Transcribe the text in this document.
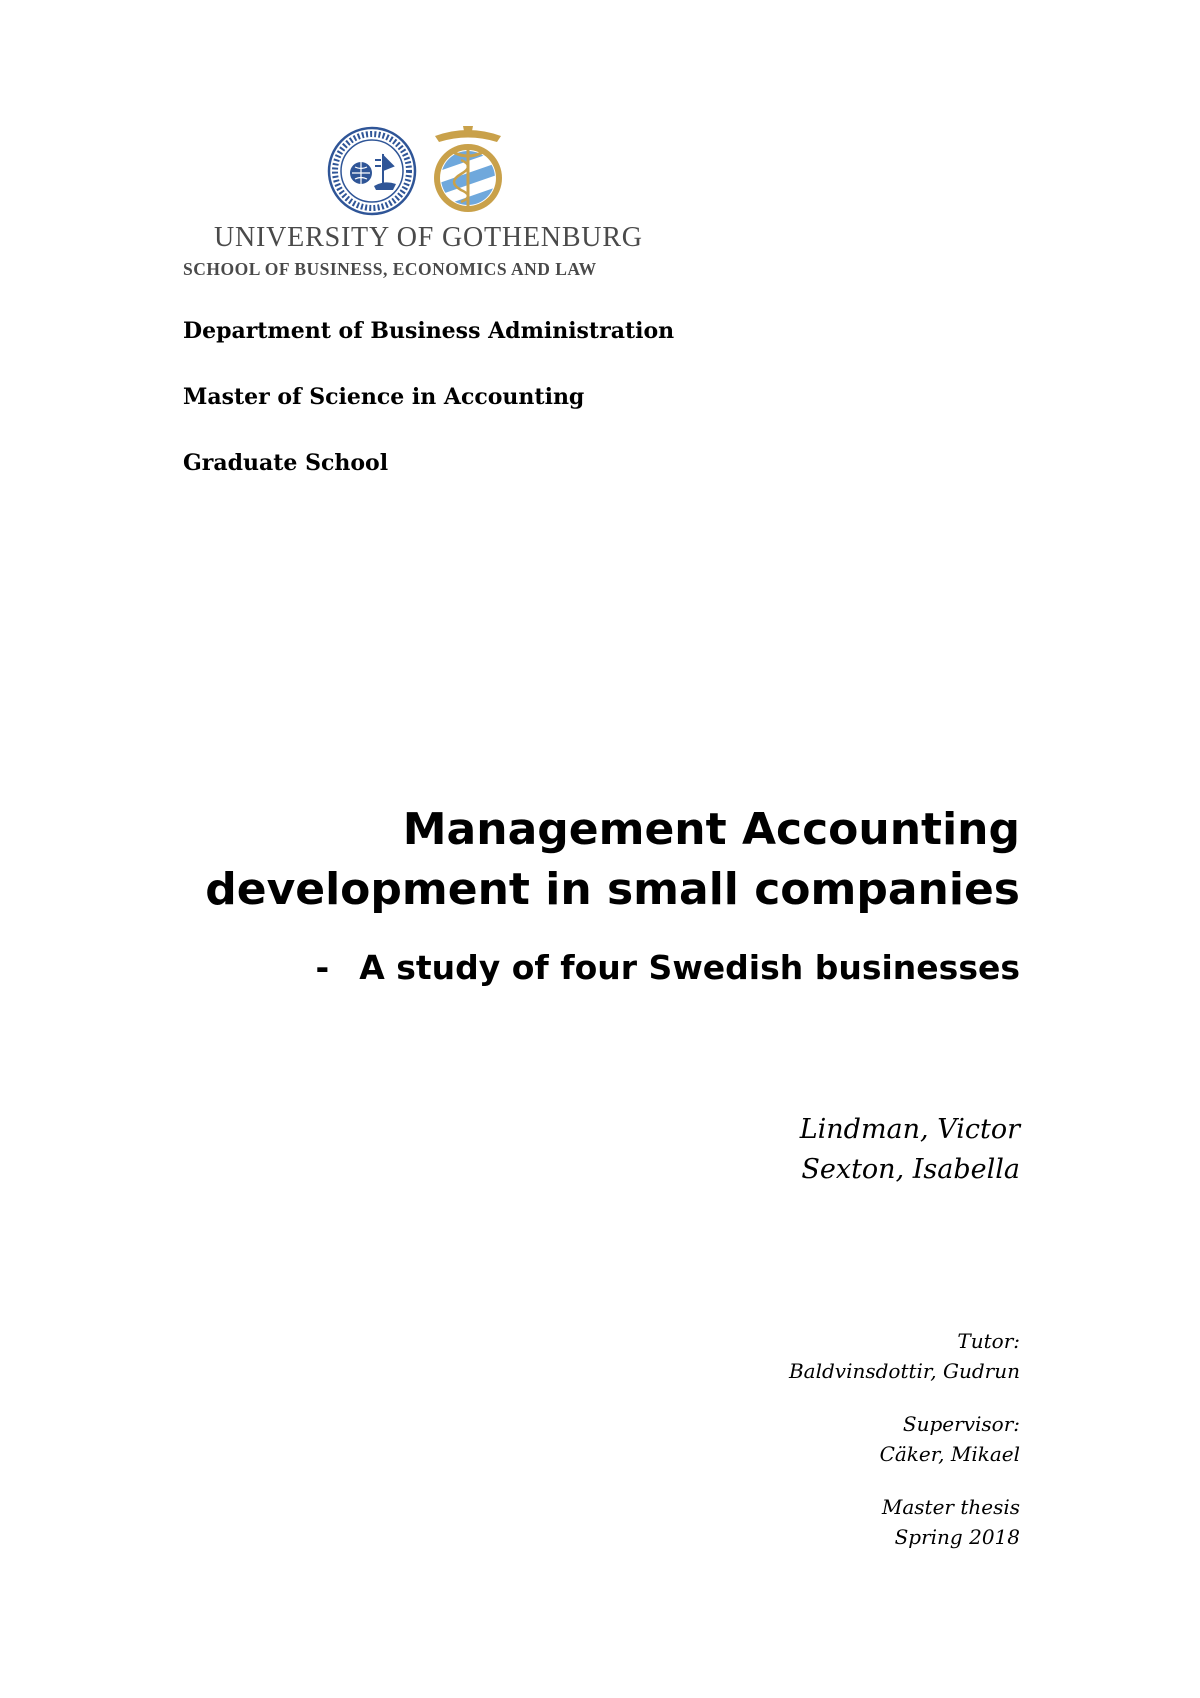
UNIVERSITY OF GOTHENBURG
SCHOOL OF BUSINESS, ECONOMICS AND LAW
Department of Business Administration
Master of Science in Accounting
Graduate School
Management Accounting
development in small companies
- A study of four Swedish businesses
Lindman, Victor
Sexton, Isabella
Tutor:
Baldvinsdottir, Gudrun
Supervisor:
Cäker, Mikael
Master thesis
Spring 2018
